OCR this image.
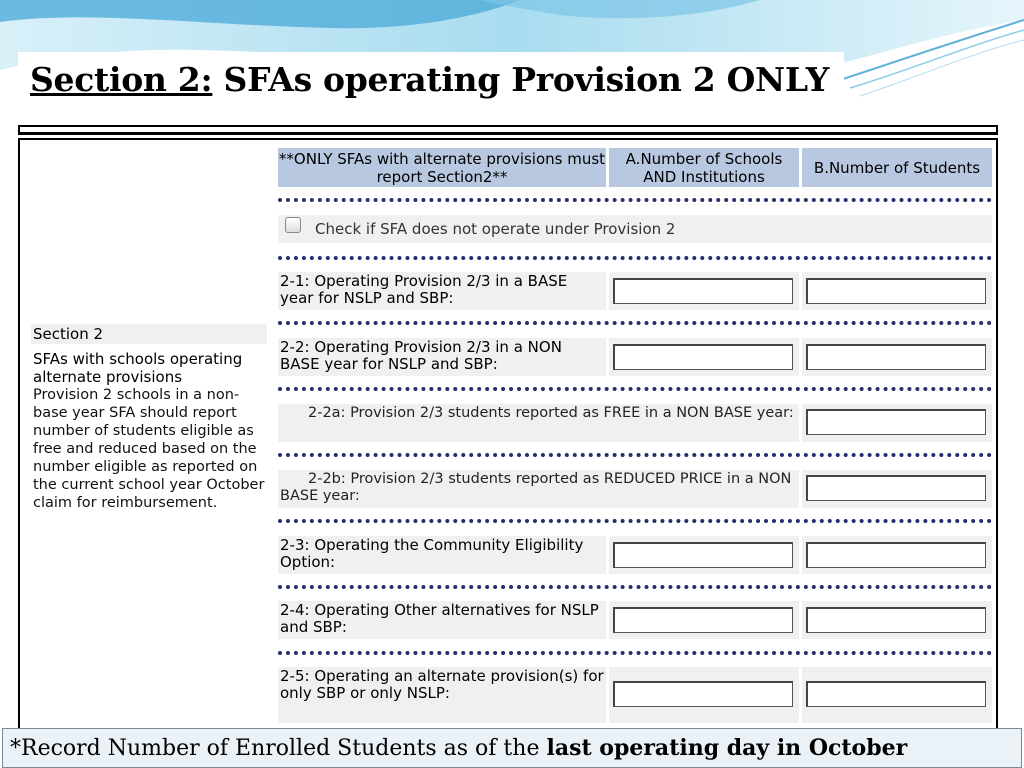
Section 2: SFAs operating Provision 2 ONLY
Section 2
SFAs with schools operating alternate provisions
Provision 2 schools in a non-base year SFA should report number of students eligible as free and reduced based on the number eligible as reported on the current school year October claim for reimbursement.
**ONLY SFAs with alternate provisions must report Section2**
A.Number of Schools AND Institutions	B.Number of Students
Check if SFA does not operate under Provision 2
2-1: Operating Provision 2/3 in a BASE year for NSLP and SBP:
2-2: Operating Provision 2/3 in a NON BASE year for NSLP and SBP:
2-2a: Provision 2/3 students reported as FREE in a NON BASE year:
2-2b: Provision 2/3 students reported as REDUCED PRICE in a NON BASE year:
2-3: Operating the Community Eligibility Option:
2-4: Operating Other alternatives for NSLP and SBP:
2-5: Operating an alternate provision(s) for only SBP or only NSLP:
*Record Number of Enrolled Students as of the last operating day in October
